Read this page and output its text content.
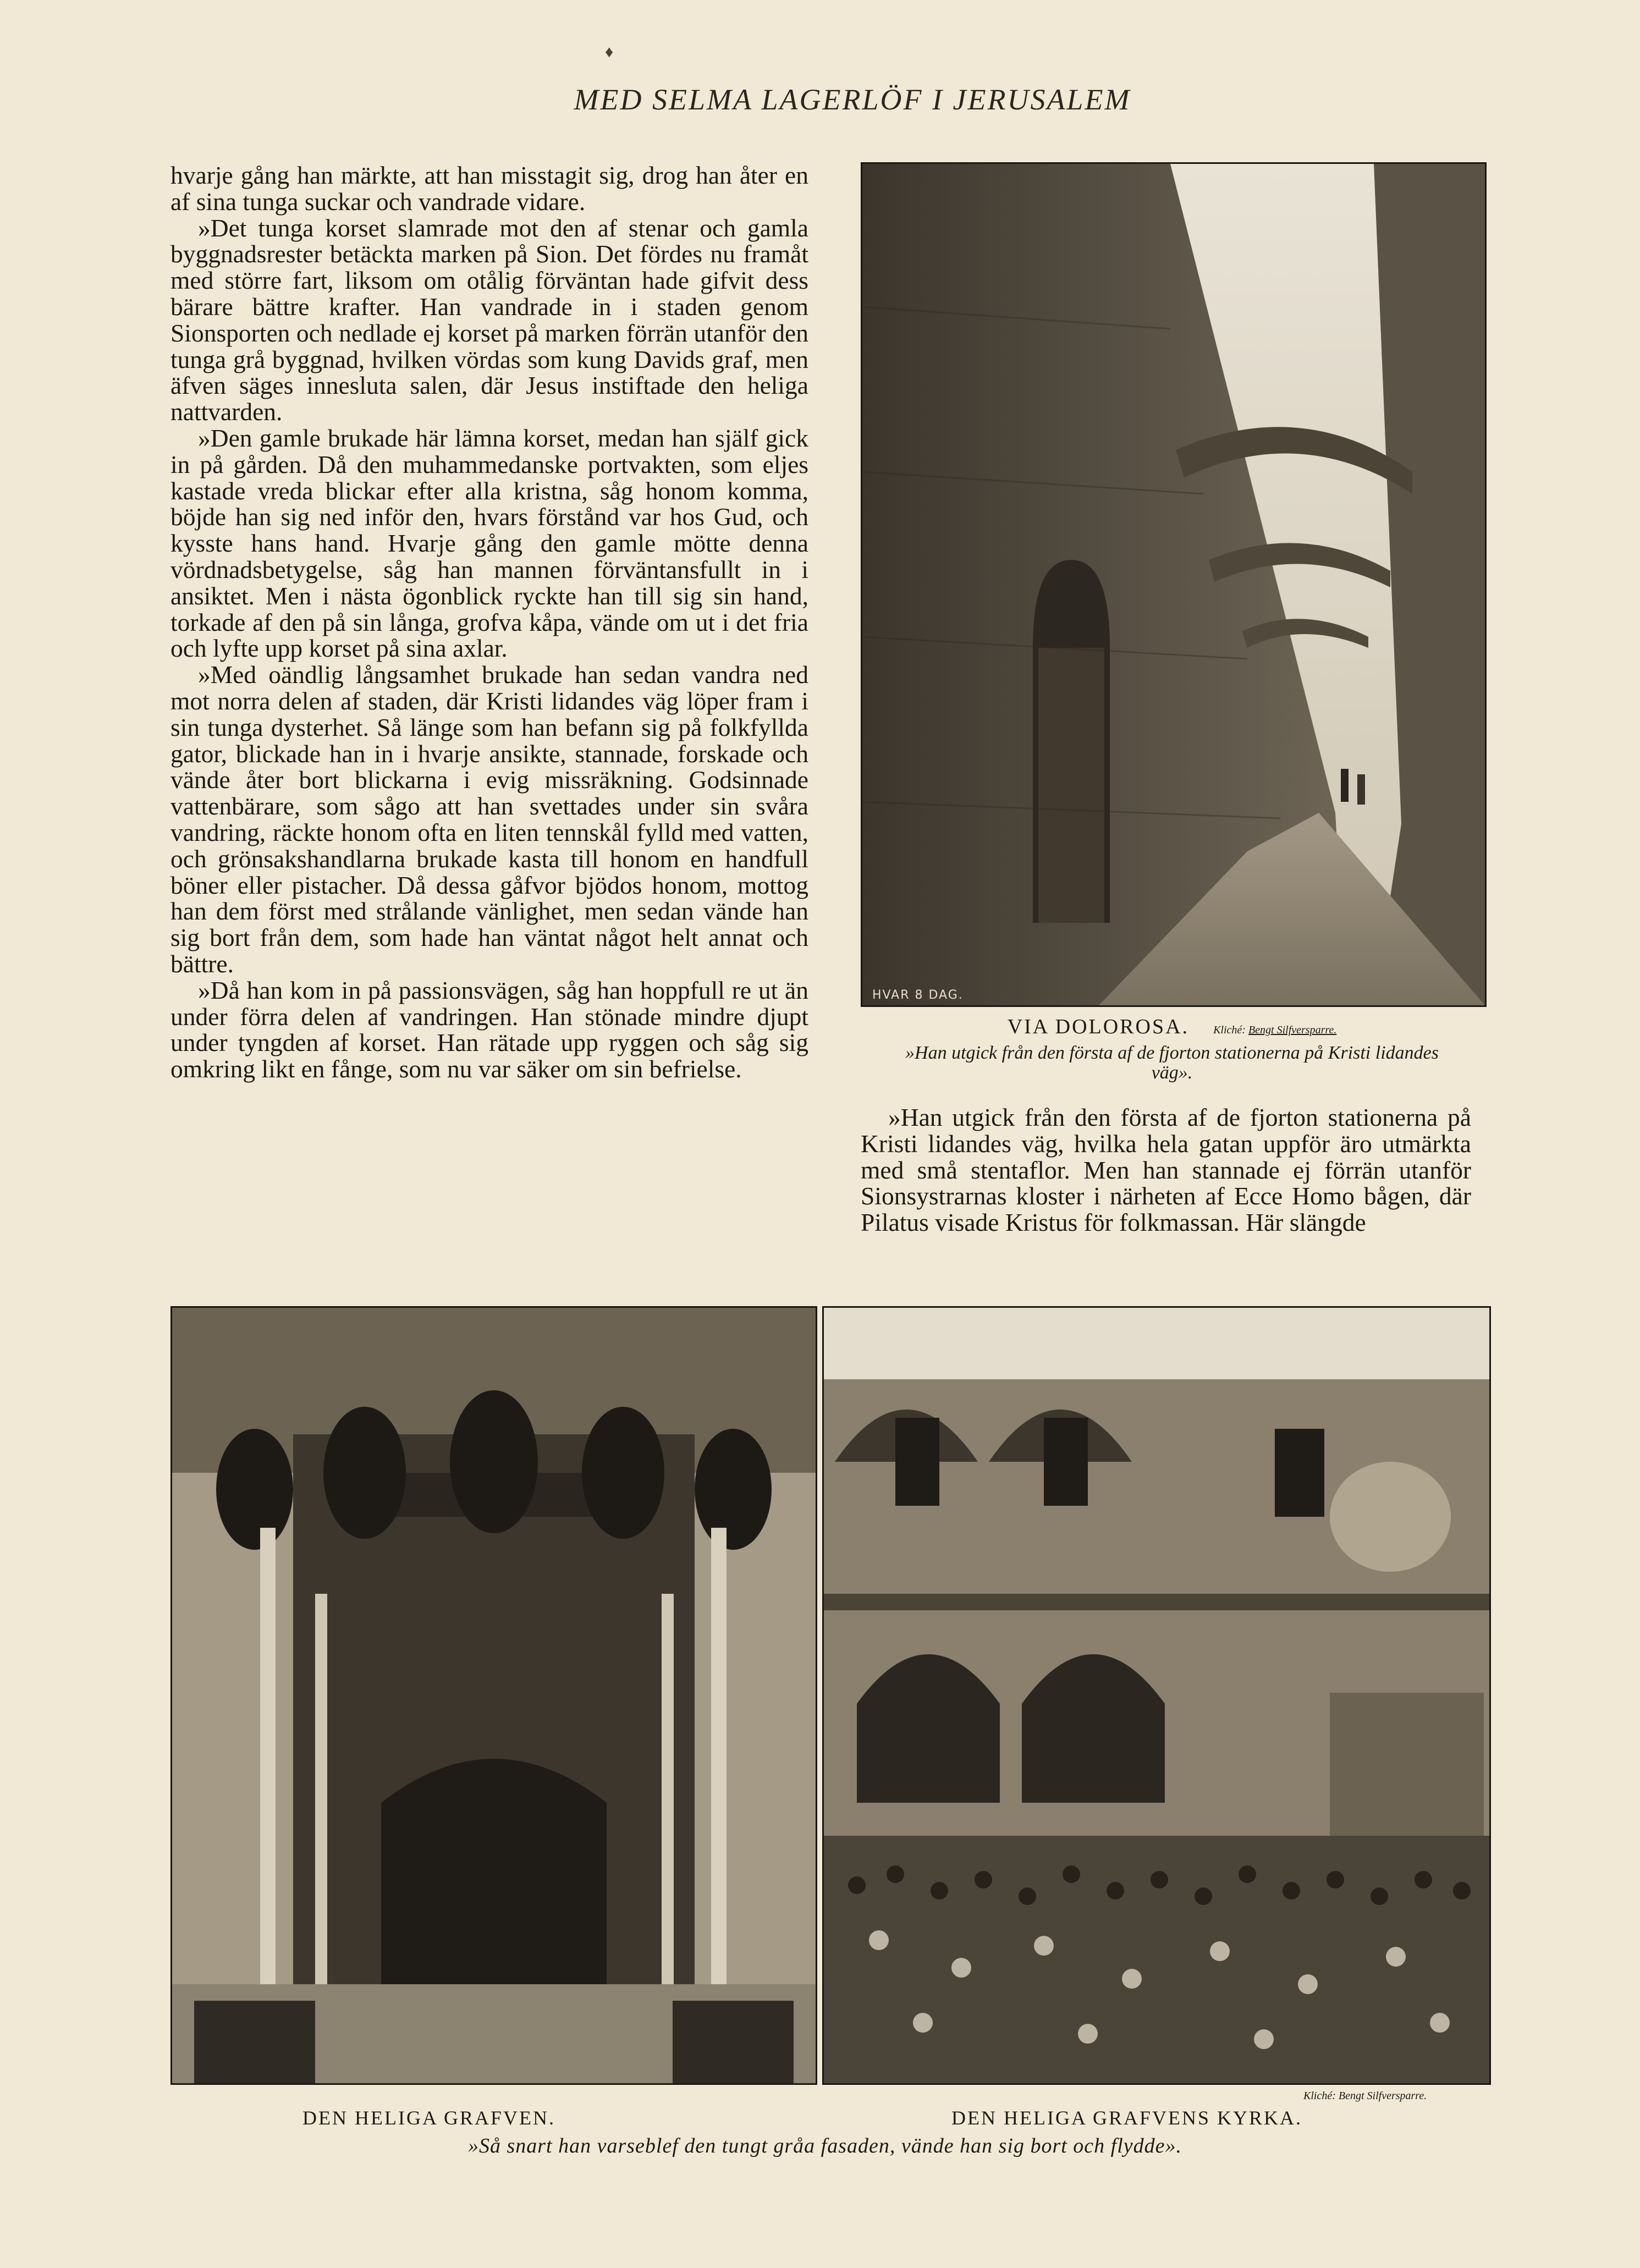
♦
MED SELMA LAGERLÖF I JERUSALEM

hvarje gång han märkte, att han misstagit sig, drog han åter en af sina tunga suckar och vandrade vidare.

»Det tunga korset slamrade mot den af stenar och gamla byggnadsrester betäckta marken på Sion. Det fördes nu framåt med större fart, liksom om otålig förväntan hade gifvit dess bärare bättre krafter. Han vandrade in i staden genom Sionsporten och nedlade ej korset på marken förrän utanför den tunga grå byggnad, hvilken vördas som kung Davids graf, men äfven säges innesluta salen, där Jesus instiftade den heliga nattvarden.

»Den gamle brukade här lämna korset, medan han själf gick in på gården. Då den muhammedanske portvakten, som eljes kastade vreda blickar efter alla kristna, såg honom komma, böjde han sig ned inför den, hvars förstånd var hos Gud, och kysste hans hand. Hvarje gång den gamle mötte denna vördnadsbetygelse, såg han mannen förväntansfullt in i ansiktet. Men i nästa ögonblick ryckte han till sig sin hand, torkade af den på sin långa, grofva kåpa, vände om ut i det fria och lyfte upp korset på sina axlar.

»Med oändlig långsamhet brukade han sedan vandra ned mot norra delen af staden, där Kristi lidandes väg löper fram i sin tunga dysterhet. Så länge som han befann sig på folkfyllda gator, blickade han in i hvarje ansikte, stannade, forskade och vände åter bort blickarna i evig missräkning. Godsinnade vattenbärare, som sågo att han svettades under sin svåra vandring, räckte honom ofta en liten tennskål fylld med vatten, och grönsakshandlarna brukade kasta till honom en handfull böner eller pistacher. Då dessa gåfvor bjödos honom, mottog han dem först med strålande vänlighet, men sedan vände han sig bort från dem, som hade han väntat något helt annat och bättre.

»Då han kom in på passionsvägen, såg han hoppfull re ut än under förra delen af vandringen. Han stönade mindre djupt under tyngden af korset. Han rätade upp ryggen och såg sig omkring likt en fånge, som nu var säker om sin befrielse.

HVAR 8 DAG.
VIA DOLOROSA. Kliché: Bengt Silfversparre.
»Han utgick från den första af de fjorton stationerna på Kristi lidandes väg».

»Han utgick från den första af de fjorton stationerna på Kristi lidandes väg, hvilka hela gatan uppför äro utmärkta med små stentaflor. Men han stannade ej förrän utanför Sionsystrarnas kloster i närheten af Ecce Homo bågen, där Pilatus visade Kristus för folkmassan. Här slängde

DEN HELIGA GRAFVEN.	DEN HELIGA GRAFVENS KYRKA.
Kliché: Bengt Silfversparre.
»Så snart han varseblef den tungt gråa fasaden, vände han sig bort och flydde».
